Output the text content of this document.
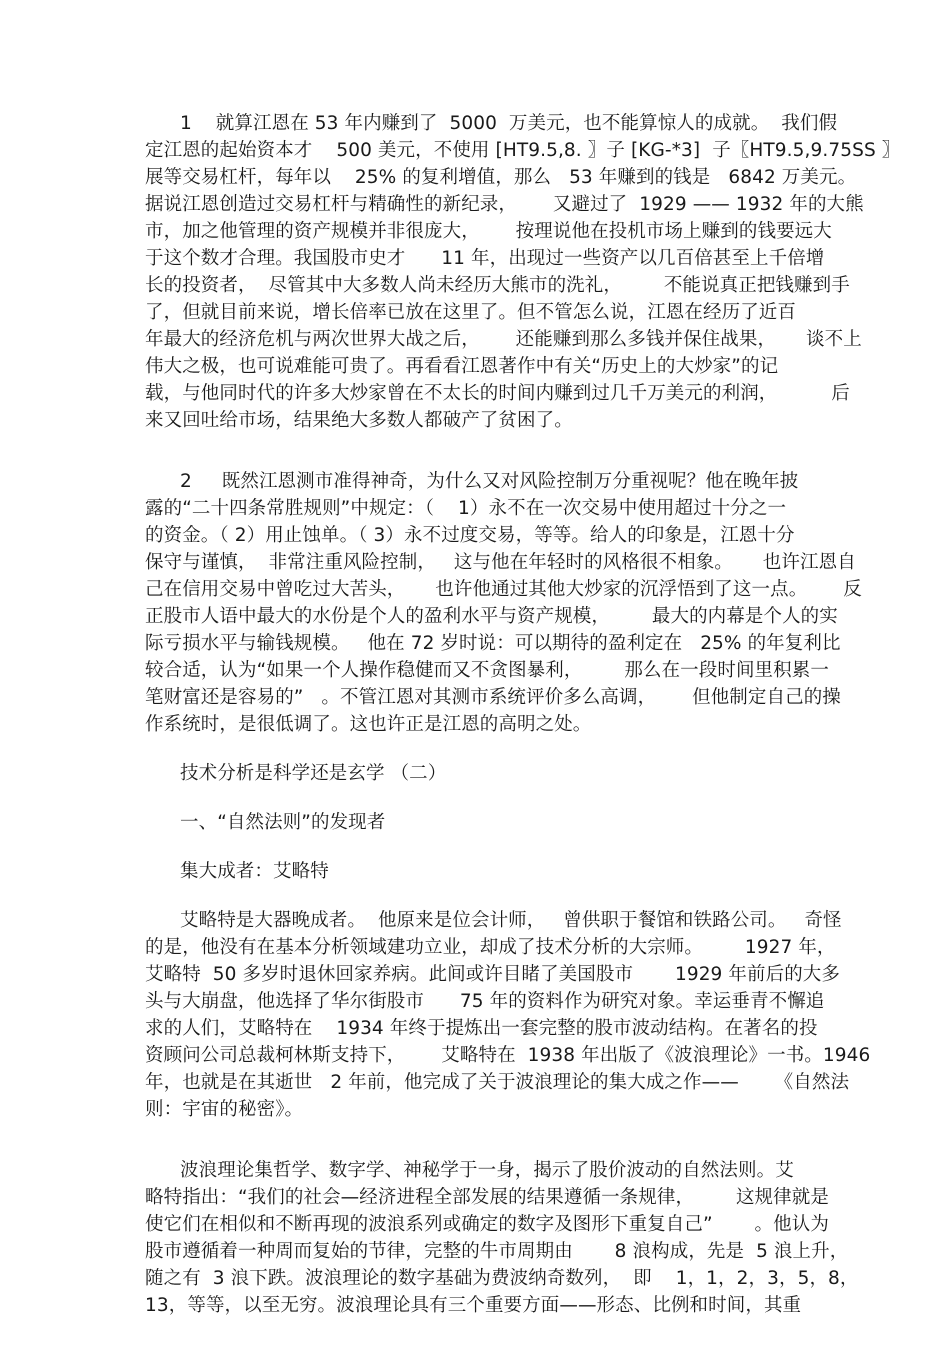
1    就算江恩在 53 年内赚到了  5000  万美元，也不能算惊人的成就。  我们假
定江恩的起始资本才    500 美元，不使用 [HT9.5,8. 〗子 [KG-*3]  子〖HT9.5,9.75SS 〗
展等交易杠杆，每年以    25% 的复利增值，那么   53 年赚到的钱是   6842 万美元。
据说江恩创造过交易杠杆与精确性的新纪录，      又避过了  1929 —— 1932 年的大熊
市，加之他管理的资产规模并非很庞大，      按理说他在投机市场上赚到的钱要远大
于这个数才合理。我国股市史才      11 年，出现过一些资产以几百倍甚至上千倍增
长的投资者，  尽管其中大多数人尚未经历大熊市的洗礼，       不能说真正把钱赚到手
了，但就目前来说，增长倍率已放在这里了。但不管怎么说，江恩在经历了近百
年最大的经济危机与两次世界大战之后，      还能赚到那么多钱并保住战果，     谈不上
伟大之极，也可说难能可贵了。再看看江恩著作中有关“历史上的大炒家”的记
载，与他同时代的许多大炒家曾在不太长的时间内赚到过几千万美元的利润，         后
来又回吐给市场，结果绝大多数人都破产了贫困了。
2     既然江恩测市准得神奇，为什么又对风险控制万分重视呢？他在晚年披
露的“二十四条常胜规则”中规定：（    1）永不在一次交易中使用超过十分之一
的资金。（ 2）用止蚀单。（ 3）永不过度交易，等等。给人的印象是，江恩十分
保守与谨慎，  非常注重风险控制，   这与他在年轻时的风格很不相象。     也许江恩自
己在信用交易中曾吃过大苦头，     也许他通过其他大炒家的沉浮悟到了这一点。      反
正股市人语中最大的水份是个人的盈利水平与资产规模，       最大的内幕是个人的实
际亏损水平与输钱规模。   他在 72 岁时说：可以期待的盈利定在   25% 的年复利比
较合适，认为“如果一个人操作稳健而又不贪图暴利，       那么在一段时间里积累一
笔财富还是容易的”   。不管江恩对其测市系统评价多么高调，      但他制定自己的操
作系统时，是很低调了。这也许正是江恩的高明之处。
技术分析是科学还是玄学 （二）
一、“自然法则”的发现者
集大成者：艾略特
艾略特是大器晚成者。  他原来是位会计师，   曾供职于餐馆和铁路公司。   奇怪
的是，他没有在基本分析领域建功立业，却成了技术分析的大宗师。       1927 年，
艾略特  50 多岁时退休回家养病。此间或许目睹了美国股市       1929 年前后的大多
头与大崩盘，他选择了华尔街股市      75 年的资料作为研究对象。幸运垂青不懈追
求的人们，艾略特在    1934 年终于提炼出一套完整的股市波动结构。在著名的投
资顾问公司总裁柯林斯支持下，      艾略特在  1938 年出版了《波浪理论》一书。1946
年，也就是在其逝世   2 年前，他完成了关于波浪理论的集大成之作——      《自然法
则：宇宙的秘密》。
波浪理论集哲学、数字学、神秘学于一身，揭示了股价波动的自然法则。艾
略特指出：“我们的社会—经济进程全部发展的结果遵循一条规律，       这规律就是
使它们在相似和不断再现的波浪系列或确定的数字及图形下重复自己”       。他认为
股市遵循着一种周而复始的节律，完整的牛市周期由       8 浪构成，先是  5 浪上升，
随之有  3 浪下跌。波浪理论的数字基础为费波纳奇数列，  即    1，1，2，3，5，8，
13，等等，以至无穷。波浪理论具有三个重要方面——形态、比例和时间，其重
